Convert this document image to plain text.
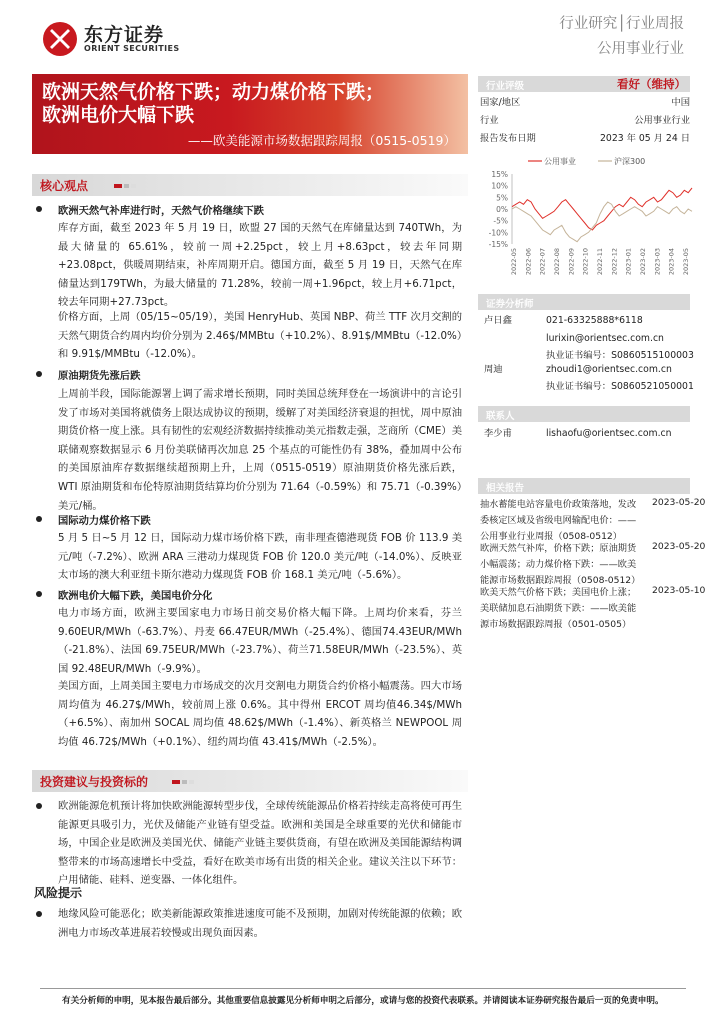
东方证券
ORIENT SECURITIES
行业研究│行业周报
公用事业行业
欧洲天然气价格下跌；动力煤价格下跌；
欧洲电价大幅下跌
——欧美能源市场数据跟踪周报（0515-0519）
核心观点
欧洲天然气补库进行时，天然气价格继续下跌
库存方面，截至 2023 年 5 月 19 日，欧盟 27 国的天然气在库储量达到 740TWh，为最大储量的 65.61%，较前一周+2.25pct，较上月+8.63pct，较去年同期+23.08pct，供暖周期结束，补库周期开启。德国方面，截至 5 月 19 日，天然气在库储量达到179TWh，为最大储量的 71.28%，较前一周+1.96pct，较上月+6.71pct，较去年同期+27.73pct。
价格方面，上周（05/15~05/19），美国 HenryHub、英国 NBP、荷兰 TTF 次月交割的天然气期货合约周内均价分别为 2.46$/MMBtu（+10.2%）、8.91$/MMBtu（-12.0%）和 9.91$/MMBtu（-12.0%）。
原油期货先涨后跌
上周前半段，国际能源署上调了需求增长预期，同时美国总统拜登在一场演讲中的言论引发了市场对美国将就债务上限达成协议的预期，缓解了对美国经济衰退的担忧，周中原油期货价格一度上涨。具有韧性的宏观经济数据持续推动美元指数走强，芝商所（CME）美联储观察数据显示 6 月份美联储再次加息 25 个基点的可能性仍有 38%，叠加周中公布的美国原油库存数据继续超预期上升，上周（0515-0519）原油期货价格先涨后跌，WTI 原油期货和布伦特原油期货结算均价分别为 71.64（-0.59%）和 75.71（-0.39%）美元/桶。
国际动力煤价格下跌
5 月 5 日~5 月 12 日，国际动力煤市场价格下跌，南非理查德港现货 FOB 价 113.9 美元/吨（-7.2%）、欧洲 ARA 三港动力煤现货 FOB 价 120.0 美元/吨（-14.0%）、反映亚太市场的澳大利亚纽卡斯尔港动力煤现货 FOB 价 168.1 美元/吨（-5.6%）。
欧洲电价大幅下跌，美国电价分化
电力市场方面，欧洲主要国家电力市场日前交易价格大幅下降。上周均价来看，芬兰 9.60EUR/MWh（-63.7%）、丹麦 66.47EUR/MWh（-25.4%）、德国74.43EUR/MWh（-21.8%）、法国 69.75EUR/MWh（-23.7%）、荷兰71.58EUR/MWh（-23.5%）、英国 92.48EUR/MWh（-9.9%）。
美国方面，上周美国主要电力市场成交的次月交割电力期货合约价格小幅震荡。四大市场周均值为 46.27$/MWh，较前周上涨 0.6%。其中得州 ERCOT 周均值46.34$/MWh（+6.5%）、南加州 SOCAL 周均值 48.62$/MWh（-1.4%）、新英格兰 NEWPOOL 周均值 46.72$/MWh（+0.1%）、纽约周均值 43.41$/MWh（-2.5%）。
投资建议与投资标的
欧洲能源危机预计将加快欧洲能源转型步伐，全球传统能源品价格若持续走高将使可再生能源更具吸引力，光伏及储能产业链有望受益。欧洲和美国是全球重要的光伏和储能市场，中国企业是欧洲及美国光伏、储能产业链主要供货商，有望在欧洲及美国能源结构调整带来的市场高速增长中受益，看好在欧美市场有出货的相关企业。建议关注以下环节：户用储能、硅料、逆变器、一体化组件。
风险提示
地缘风险可能恶化；欧美新能源政策推进速度可能不及预期，加剧对传统能源的依赖；欧洲电力市场改革进展若较慢或出现负面因素。
行业评级	看好（维持）
国家/地区	中国
行业	公用事业行业
报告发布日期	2023 年 05 月 24 日
公用事业	沪深300
15%
10%
5%
0%
-5%
-10%
-15%
2022-05 2022-06 2022-07 2022-08 2022-09 2022-10 2022-11 2022-12 2023-01 2023-02 2023-03 2023-04 2023-05
证券分析师
卢日鑫	021-63325888*6118
lurixin@orientsec.com.cn
执业证书编号：S0860515100003
周迪	zhoudi1@orientsec.com.cn
执业证书编号：S0860521050001
联系人
李少甫	lishaofu@orientsec.com.cn
相关报告
抽水蓄能电站容量电价政策落地，发改委核定区域及省级电网输配电价：——公用事业行业周报（0508-0512）
2023-05-20
欧洲天然气补库，价格下跌；原油期货小幅震荡；动力煤价格下跌：——欧美能源市场数据跟踪周报（0508-0512）
2023-05-20
欧美天然气价格下跌；美国电价上涨；美联储加息石油期货下跌：——欧美能源市场数据跟踪周报（0501-0505）
2023-05-10
有关分析师的申明，见本报告最后部分。其他重要信息披露见分析师申明之后部分，或请与您的投资代表联系。并请阅读本证券研究报告最后一页的免责申明。
